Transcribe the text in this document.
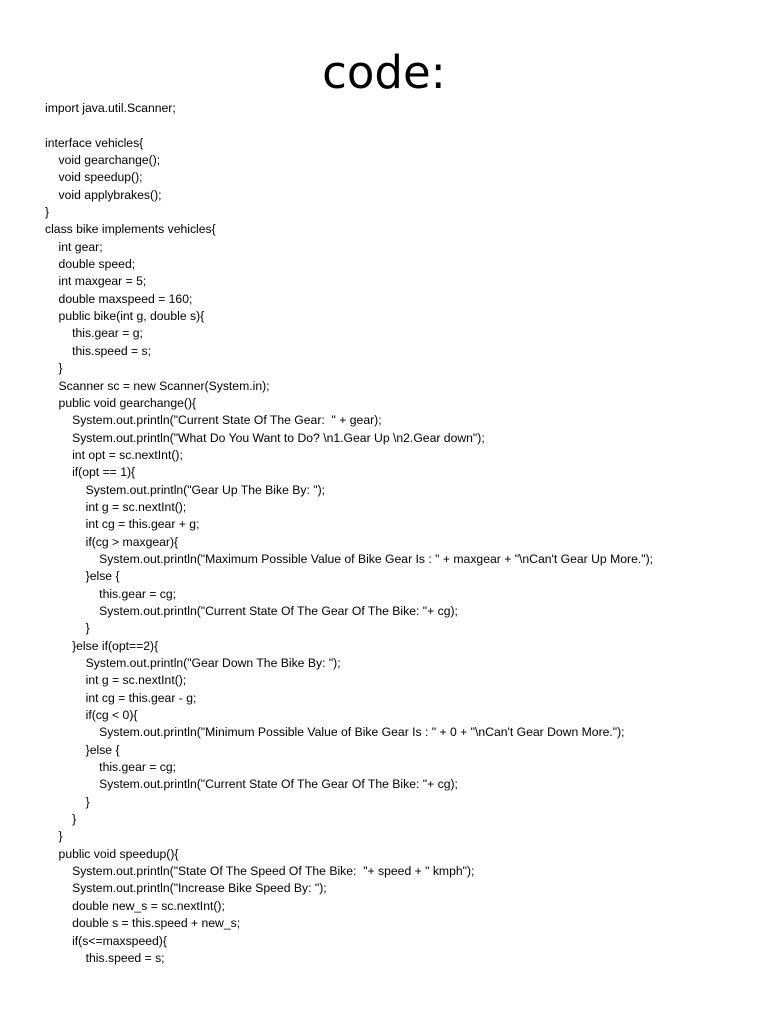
code:
import java.util.Scanner;
interface vehicles{
void gearchange();
void speedup();
void applybrakes();
}
class bike implements vehicles{
int gear;
double speed;
int maxgear = 5;
double maxspeed = 160;
public bike(int g, double s){
this.gear = g;
this.speed = s;
}
Scanner sc = new Scanner(System.in);
public void gearchange(){
System.out.println("Current State Of The Gear:  " + gear);
System.out.println("What Do You Want to Do? \n1.Gear Up \n2.Gear down");
int opt = sc.nextInt();
if(opt == 1){
System.out.println("Gear Up The Bike By: ");
int g = sc.nextInt();
int cg = this.gear + g;
if(cg > maxgear){
System.out.println("Maximum Possible Value of Bike Gear Is : " + maxgear + "\nCan't Gear Up More.");
}else {
this.gear = cg;
System.out.println("Current State Of The Gear Of The Bike: "+ cg);
}
}else if(opt==2){
System.out.println("Gear Down The Bike By: ");
int g = sc.nextInt();
int cg = this.gear - g;
if(cg < 0){
System.out.println("Minimum Possible Value of Bike Gear Is : " + 0 + "\nCan't Gear Down More.");
}else {
this.gear = cg;
System.out.println("Current State Of The Gear Of The Bike: "+ cg);
}
}
}
public void speedup(){
System.out.println("State Of The Speed Of The Bike:  "+ speed + " kmph");
System.out.println("Increase Bike Speed By: ");
double new_s = sc.nextInt();
double s = this.speed + new_s;
if(s<=maxspeed){
this.speed = s;
